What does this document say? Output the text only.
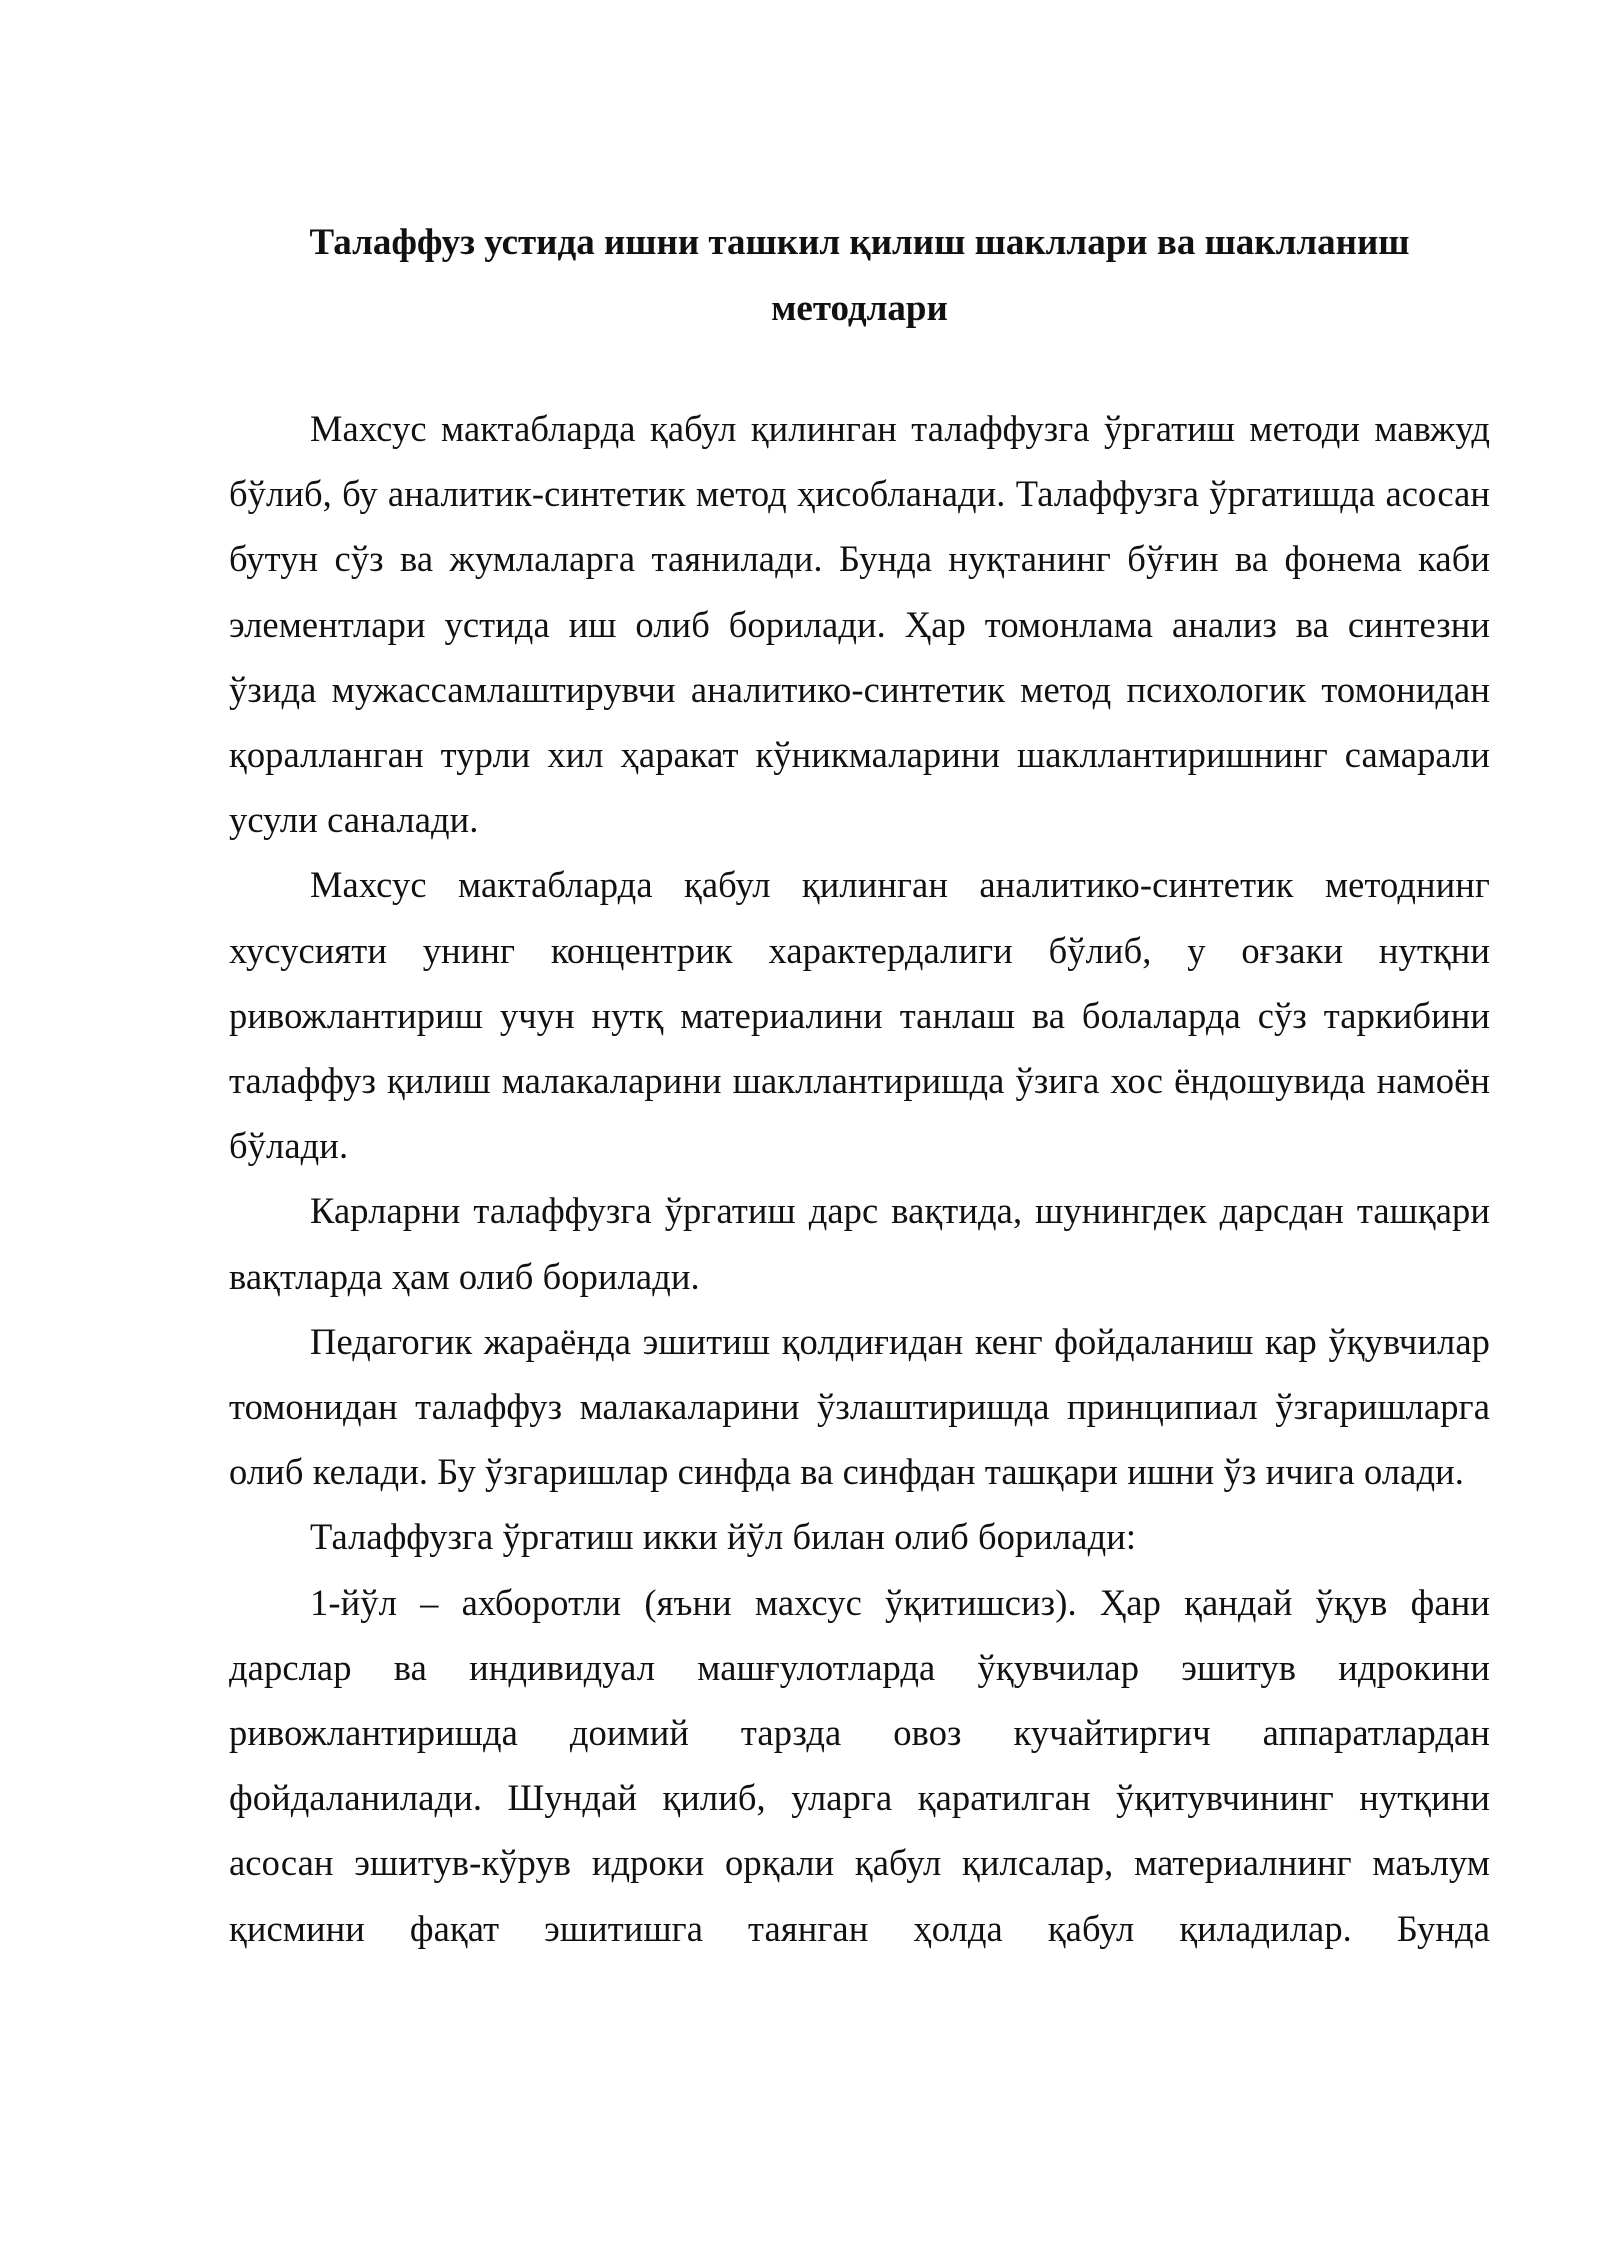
Талаффуз устида ишни ташкил қилиш шакллари ва шаклланиш методлари

Махсус мактабларда қабул қилинган талаффузга ўргатиш методи мавжуд бўлиб, бу аналитик-синтетик метод ҳисобланади. Талаффузга ўргатишда асосан бутун сўз ва жумлаларга таянилади. Бунда нуқтанинг бўғин ва фонема каби элементлари устида иш олиб борилади. Ҳар томонлама анализ ва синтезни ўзида мужассамлаштирувчи аналитико-синтетик метод психологик томонидан қоралланган турли хил ҳаракат кўникмаларини шакллантиришнинг самарали усули саналади.

Махсус мактабларда қабул қилинган аналитико-синтетик методнинг хусусияти унинг концентрик характердалиги бўлиб, у оғзаки нутқни ривожлантириш учун нутқ материалини танлаш ва болаларда сўз таркибини талаффуз қилиш малакаларини шакллантиришда ўзига хос ёндошувида намоён бўлади.

Карларни талаффузга ўргатиш дарс вақтида, шунингдек дарсдан ташқари вақтларда ҳам олиб борилади.

Педагогик жараёнда эшитиш қолдиғидан кенг фойдаланиш кар ўқувчилар томонидан талаффуз малакаларини ўзлаштиришда принципиал ўзгаришларга олиб келади. Бу ўзгаришлар синфда ва синфдан ташқари ишни ўз ичига олади.

Талаффузга ўргатиш икки йўл билан олиб борилади:

1-йўл – ахборотли (яъни махсус ўқитишсиз). Ҳар қандай ўқув фани дарслар ва индивидуал машғулотларда ўқувчилар эшитув идрокини ривожлантиришда доимий тарзда овоз кучайтиргич аппаратлардан фойдаланилади. Шундай қилиб, уларга қаратилган ўқитувчининг нутқини асосан эшитув-кўрув идроки орқали қабул қилсалар, материалнинг маълум қисмини фақат эшитишга таянган ҳолда қабул қиладилар. Бунда
